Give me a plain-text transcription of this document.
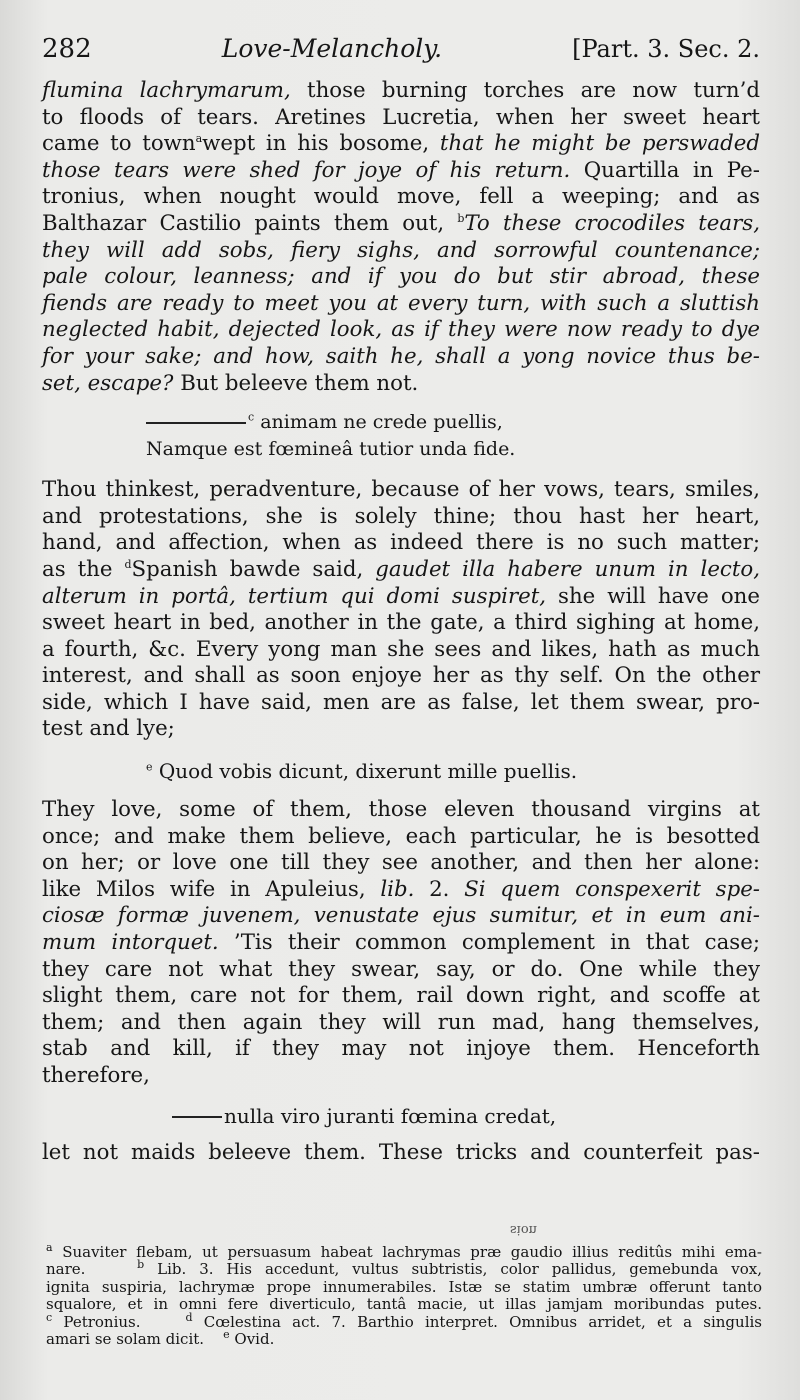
282	Love-Melancholy.	[Part. 3. Sec. 2.
flumina lachrymarum, those burning torches are now turn’d
to floods of tears. Aretines Lucretia, when her sweet heart
came to town$^a$wept in his bosome, that he might be perswaded
those tears were shed for joye of his return. Quartilla in Pe-
tronius, when nought would move, fell a weeping; and as
Balthazar Castilio paints them out, $^b$To these crocodiles tears,
they will add sobs, fiery sighs, and sorrowful countenance;
pale colour, leanness; and if you do but stir abroad, these
fiends are ready to meet you at every turn, with such a sluttish
neglected habit, dejected look, as if they were now ready to dye
for your sake; and how, saith he, shall a yong novice thus be-
set, escape? But beleeve them not.
$^c$ animam ne crede puellis,
Namque est fœmineâ tutior unda fide.
Thou thinkest, peradventure, because of her vows, tears, smiles,
and protestations, she is solely thine; thou hast her heart,
hand, and affection, when as indeed there is no such matter;
as the $^d$Spanish bawde said, gaudet illa habere unum in lecto,
alterum in portâ, tertium qui domi suspiret, she will have one
sweet heart in bed, another in the gate, a third sighing at home,
a fourth, &c. Every yong man she sees and likes, hath as much
interest, and shall as soon enjoye her as thy self. On the other
side, which I have said, men are as false, let them swear, pro-
test and lye;
$^e$ Quod vobis dicunt, dixerunt mille puellis.
They love, some of them, those eleven thousand virgins at
once; and make them believe, each particular, he is besotted
on her; or love one till they see another, and then her alone:
like Milos wife in Apuleius, lib. 2. Si quem conspexerit spe-
ciosæ formæ juvenem, venustate ejus sumitur, et in eum ani-
mum intorquet. ’Tis their common complement in that case;
they care not what they swear, say, or do. One while they
slight them, care not for them, rail down right, and scoffe at
them; and then again they will run mad, hang themselves,
stab and kill, if they may not injoye them. Henceforth
therefore,
nulla viro juranti fœmina credat,
let not maids beleeve them. These tricks and counterfeit pas-
sion
$^a$ Suaviter flebam, ut persuasum habeat lachrymas præ gaudio illius reditûs mihi ema-
nare.	$^b$ Lib. 3. His accedunt, vultus subtristis, color pallidus, gemebunda vox,
ignita suspiria, lachrymæ prope innumerabiles. Istæ se statim umbræ offerunt tanto
squalore, et in omni fere diverticulo, tantâ macie, ut illas jamjam moribundas putes.
$^c$ Petronius.	$^d$ Cœlestina act. 7. Barthio interpret. Omnibus arridet, et a singulis
amari se solam dicit. $^e$ Ovid.
